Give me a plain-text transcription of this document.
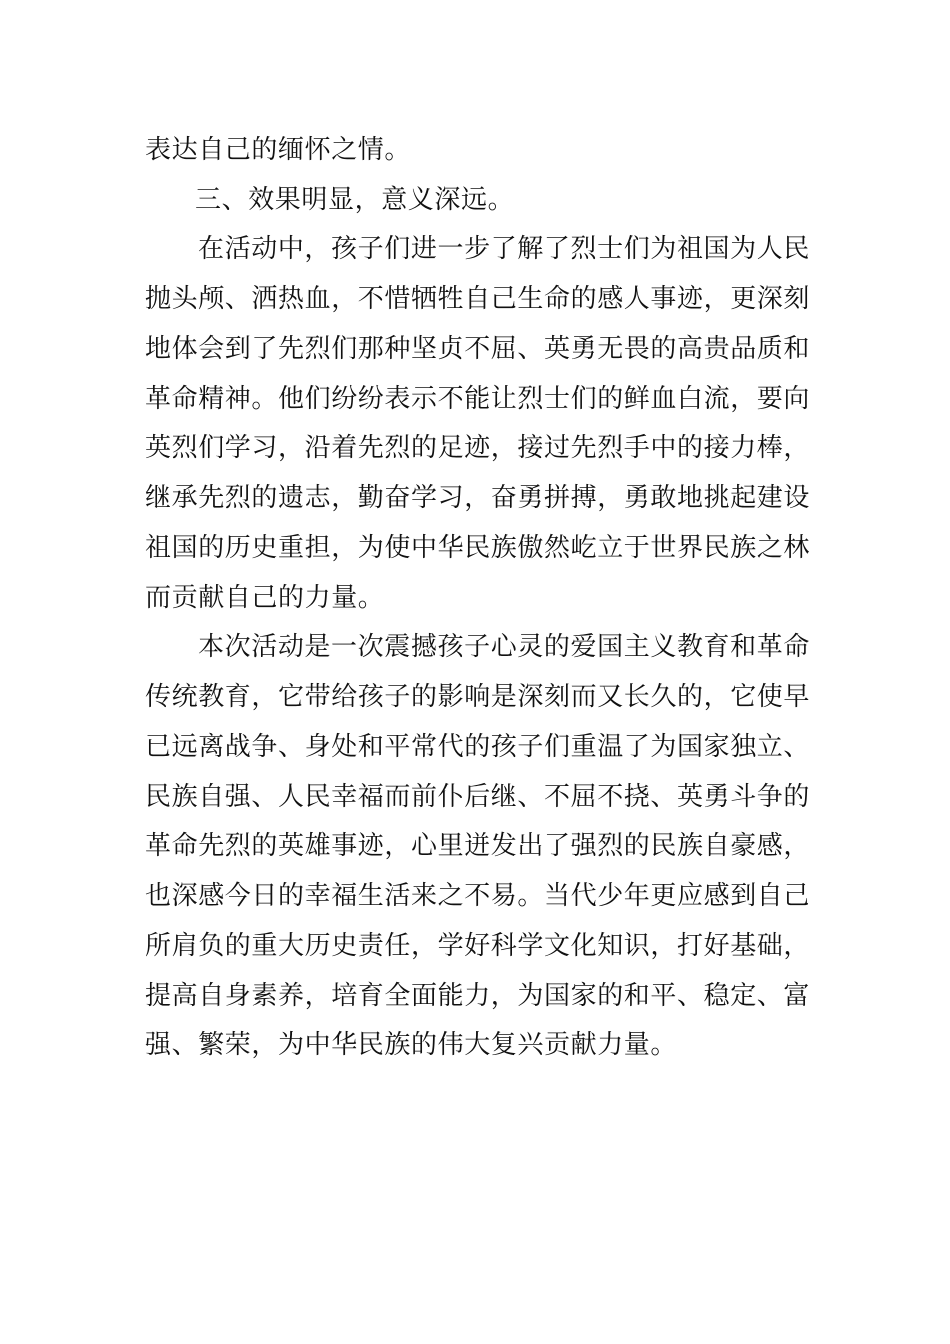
表达自己的缅怀之情。
三、效果明显，意义深远。
在活动中，孩子们进一步了解了烈士们为祖国为人民
抛头颅、洒热血，不惜牺牲自己生命的感人事迹，更深刻
地体会到了先烈们那种坚贞不屈、英勇无畏的高贵品质和
革命精神。他们纷纷表示不能让烈士们的鲜血白流，要向
英烈们学习，沿着先烈的足迹，接过先烈手中的接力棒，
继承先烈的遗志，勤奋学习，奋勇拼搏，勇敢地挑起建设
祖国的历史重担，为使中华民族傲然屹立于世界民族之林
而贡献自己的力量。
本次活动是一次震撼孩子心灵的爱国主义教育和革命
传统教育，它带给孩子的影响是深刻而又长久的，它使早
已远离战争、身处和平常代的孩子们重温了为国家独立、
民族自强、人民幸福而前仆后继、不屈不挠、英勇斗争的
革命先烈的英雄事迹，心里迸发出了强烈的民族自豪感，
也深感今日的幸福生活来之不易。当代少年更应感到自己
所肩负的重大历史责任，学好科学文化知识，打好基础，
提高自身素养，培育全面能力，为国家的和平、稳定、富
强、繁荣，为中华民族的伟大复兴贡献力量。
